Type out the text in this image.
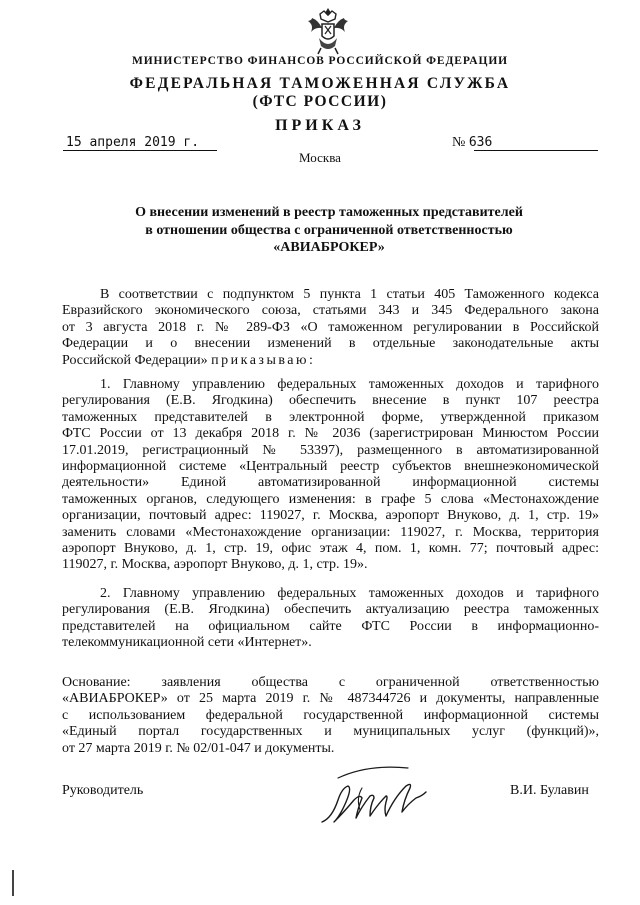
МИНИСТЕРСТВО ФИНАНСОВ РОССИЙСКОЙ ФЕДЕРАЦИИ
ФЕДЕРАЛЬНАЯ ТАМОЖЕННАЯ СЛУЖБА
(ФТС РОССИИ)
ПРИКАЗ
15 апреля 2019 г.	№ 636
Москва
О внесении изменений в реестр таможенных представителей
в отношении общества с ограниченной ответственностью
«АВИАБРОКЕР»
В соответствии с подпунктом 5 пункта 1 статьи 405 Таможенного кодекса
Евразийского экономического союза, статьями 343 и 345 Федерального закона
от 3 августа 2018 г. № 289-ФЗ «О таможенном регулировании в Российской
Федерации и о внесении изменений в отдельные законодательные акты
Российской Федерации» приказываю:
1. Главному управлению федеральных таможенных доходов и тарифного
регулирования (Е.В. Ягодкина) обеспечить внесение в пункт 107 реестра
таможенных представителей в электронной форме, утвержденной приказом
ФТС России от 13 декабря 2018 г. № 2036 (зарегистрирован Минюстом России
17.01.2019, регистрационный № 53397), размещенного в автоматизированной
информационной системе «Центральный реестр субъектов внешнеэкономической
деятельности» Единой автоматизированной информационной системы
таможенных органов, следующего изменения: в графе 5 слова «Местонахождение
организации, почтовый адрес: 119027, г. Москва, аэропорт Внуково, д. 1, стр. 19»
заменить словами «Местонахождение организации: 119027, г. Москва, территория
аэропорт Внуково, д. 1, стр. 19, офис этаж 4, пом. 1, комн. 77; почтовый адрес:
119027, г. Москва, аэропорт Внуково, д. 1, стр. 19».
2. Главному управлению федеральных таможенных доходов и тарифного
регулирования (Е.В. Ягодкина) обеспечить актуализацию реестра таможенных
представителей на официальном сайте ФТС России в информационно-
телекоммуникационной сети «Интернет».
Основание: заявления общества с ограниченной ответственностью
«АВИАБРОКЕР» от 25 марта 2019 г. № 487344726 и документы, направленные
с использованием федеральной государственной информационной системы
«Единый портал государственных и муниципальных услуг (функций)»,
от 27 марта 2019 г. № 02/01-047 и документы.
Руководитель	В.И. Булавин
